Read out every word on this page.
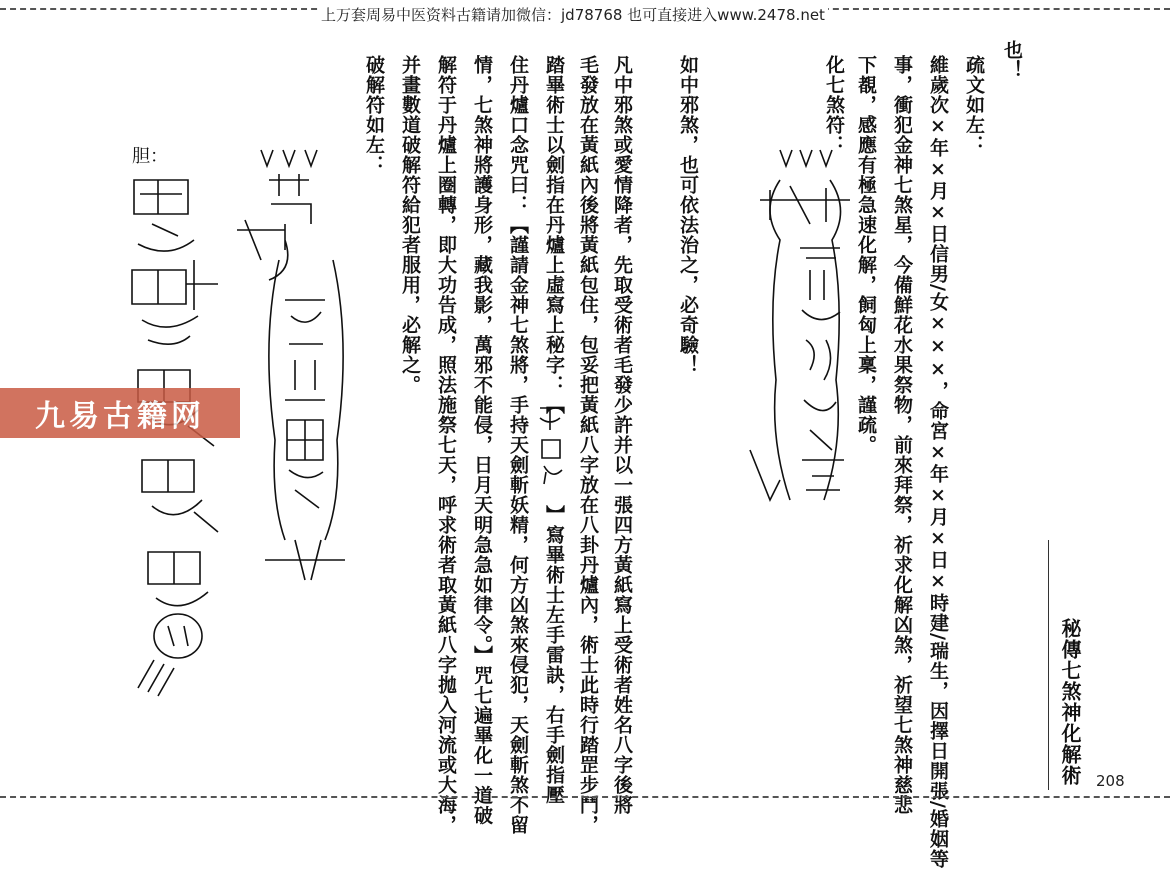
上万套周易中医资料古籍请加微信：jd78768 也可直接进入www.2478.net
秘傳七煞神化解術
也！
疏文如左：
維歲次×年×月×日信男/女×××，命宮×年×月×日×時建/瑞生，因擇日開張/婚姻等
事，衝犯金神七煞星，今備鮮花水果祭物，前來拜祭，祈求化解凶煞，祈望七煞神慈悲
下覩，感應有極急速化解，飼匈上稟，謹疏。
化七煞符：
凡中邪煞或愛情降者，先取受術者毛發少許并以一張四方黃紙寫上受術者姓名八字後將
毛發放在黃紙內後將黃紙包住，包妥把黃紙八字放在八卦丹爐內，術士此時行踏罡步鬥，
踏畢術士以劍指在丹爐上虛寫上秘字：【
】寫畢術士左手雷訣，右手劍指壓
住丹爐口念咒曰：【謹請金神七煞將，手持天劍斬妖精，何方凶煞來侵犯，天劍斬煞不留
情，七煞神將護身形，藏我影，萬邪不能侵，日月天明急急如律令。】咒七遍畢化一道破
解符于丹爐上圈轉，即大功告成，照法施祭七天，呼求術者取黃紙八字拋入河流或大海，
并畫數道破解符給犯者服用，必解之。
破解符如左：	如中邪煞，也可依法治之，必奇驗！
胆：
九易古籍网
208
